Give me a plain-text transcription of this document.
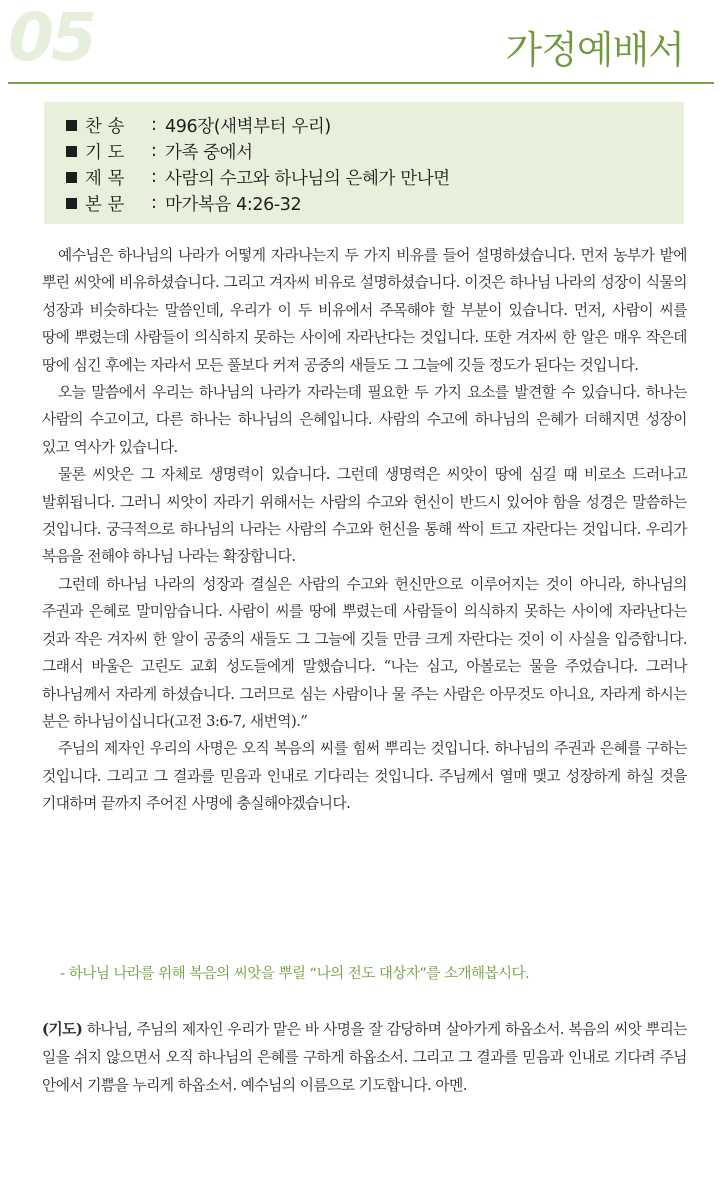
05	가정예배서
찬 송	: 496장(새벽부터 우리)
기 도	: 가족 중에서
제 목	: 사람의 수고와 하나님의 은혜가 만나면
본 문	: 마가복음 4:26-32

예수님은 하나님의 나라가 어떻게 자라나는지 두 가지 비유를 들어 설명하셨습니다. 먼저 농부가 밭에 뿌린 씨앗에 비유하셨습니다. 그리고 겨자씨 비유로 설명하셨습니다. 이것은 하나님 나라의 성장이 식물의 성장과 비슷하다는 말씀인데, 우리가 이 두 비유에서 주목해야 할 부분이 있습니다. 먼저, 사람이 씨를 땅에 뿌렸는데 사람들이 의식하지 못하는 사이에 자라난다는 것입니다. 또한 겨자씨 한 알은 매우 작은데 땅에 심긴 후에는 자라서 모든 풀보다 커져 공중의 새들도 그 그늘에 깃들 정도가 된다는 것입니다.

오늘 말씀에서 우리는 하나님의 나라가 자라는데 필요한 두 가지 요소를 발견할 수 있습니다. 하나는 사람의 수고이고, 다른 하나는 하나님의 은혜입니다. 사람의 수고에 하나님의 은혜가 더해지면 성장이 있고 역사가 있습니다.

물론 씨앗은 그 자체로 생명력이 있습니다. 그런데 생명력은 씨앗이 땅에 심길 때 비로소 드러나고 발휘됩니다. 그러니 씨앗이 자라기 위해서는 사람의 수고와 헌신이 반드시 있어야 함을 성경은 말씀하는 것입니다. 궁극적으로 하나님의 나라는 사람의 수고와 헌신을 통해 싹이 트고 자란다는 것입니다. 우리가 복음을 전해야 하나님 나라는 확장합니다.

그런데 하나님 나라의 성장과 결실은 사람의 수고와 헌신만으로 이루어지는 것이 아니라, 하나님의 주권과 은혜로 말미암습니다. 사람이 씨를 땅에 뿌렸는데 사람들이 의식하지 못하는 사이에 자라난다는 것과 작은 겨자씨 한 알이 공중의 새들도 그 그늘에 깃들 만큼 크게 자란다는 것이 이 사실을 입증합니다. 그래서 바울은 고린도 교회 성도들에게 말했습니다. “나는 심고, 아볼로는 물을 주었습니다. 그러나 하나님께서 자라게 하셨습니다. 그러므로 심는 사람이나 물 주는 사람은 아무것도 아니요, 자라게 하시는 분은 하나님이십니다(고전 3:6-7, 새번역).”

주님의 제자인 우리의 사명은 오직 복음의 씨를 힘써 뿌리는 것입니다. 하나님의 주권과 은혜를 구하는 것입니다. 그리고 그 결과를 믿음과 인내로 기다리는 것입니다. 주님께서 열매 맺고 성장하게 하실 것을 기대하며 끝까지 주어진 사명에 충실해야겠습니다.

- 하나님 나라를 위해 복음의 씨앗을 뿌릴 “나의 전도 대상자”를 소개해봅시다.

(기도) 하나님, 주님의 제자인 우리가 맡은 바 사명을 잘 감당하며 살아가게 하옵소서. 복음의 씨앗 뿌리는 일을 쉬지 않으면서 오직 하나님의 은혜를 구하게 하옵소서. 그리고 그 결과를 믿음과 인내로 기다려 주님 안에서 기쁨을 누리게 하옵소서. 예수님의 이름으로 기도합니다. 아멘.
